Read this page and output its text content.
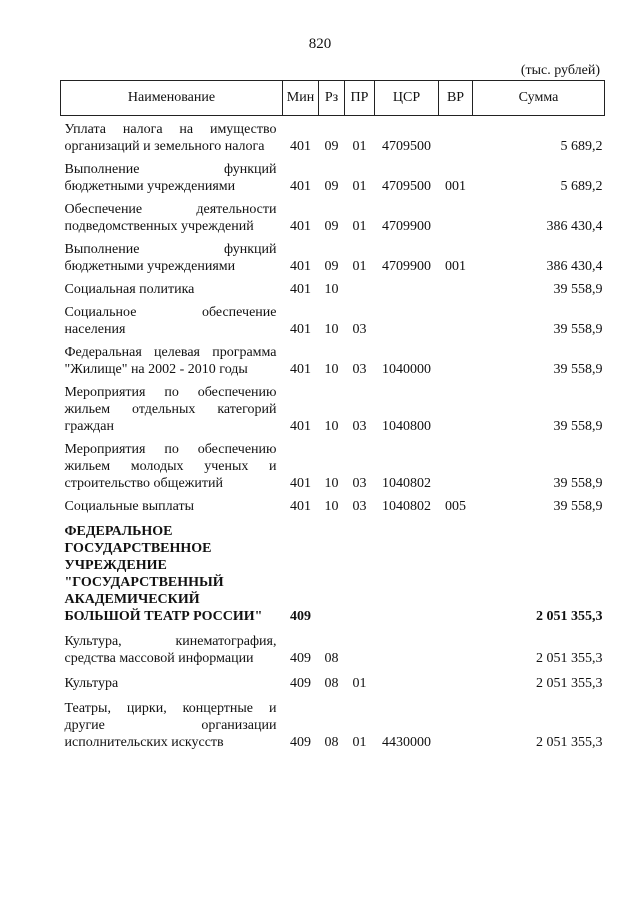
820
(тыс. рублей)
Наименование	Мин	Рз	ПР	ЦСР	ВР	Сумма

Уплата налога на имущество организаций и земельного налога	401	09	01	4709500		5 689,2

Выполнение функций бюджетными учреждениями	401	09	01	4709500	001	5 689,2

Обеспечение деятельности подведомственных учреждений	401	09	01	4709900		386 430,4

Выполнение функций бюджетными учреждениями	401	09	01	4709900	001	386 430,4

Социальная политика	401	10				39 558,9

Социальное обеспечение населения	401	10	03			39 558,9

Федеральная целевая программа "Жилище" на 2002 - 2010 годы	401	10	03	1040000		39 558,9

Мероприятия по обеспечению жильем отдельных категорий граждан	401	10	03	1040800		39 558,9

Мероприятия по обеспечению жильем молодых ученых и строительство общежитий	401	10	03	1040802		39 558,9

Социальные выплаты	401	10	03	1040802	005	39 558,9

ФЕДЕРАЛЬНОЕ ГОСУДАРСТВЕННОЕ УЧРЕЖДЕНИЕ "ГОСУДАРСТВЕННЫЙ АКАДЕМИЧЕСКИЙ БОЛЬШОЙ ТЕАТР РОССИИ"	409					2 051 355,3

Культура, кинематография, средства массовой информации	409	08				2 051 355,3

Культура	409	08	01			2 051 355,3

Театры, цирки, концертные и другие организации исполнительских искусств	409	08	01	4430000		2 051 355,3
